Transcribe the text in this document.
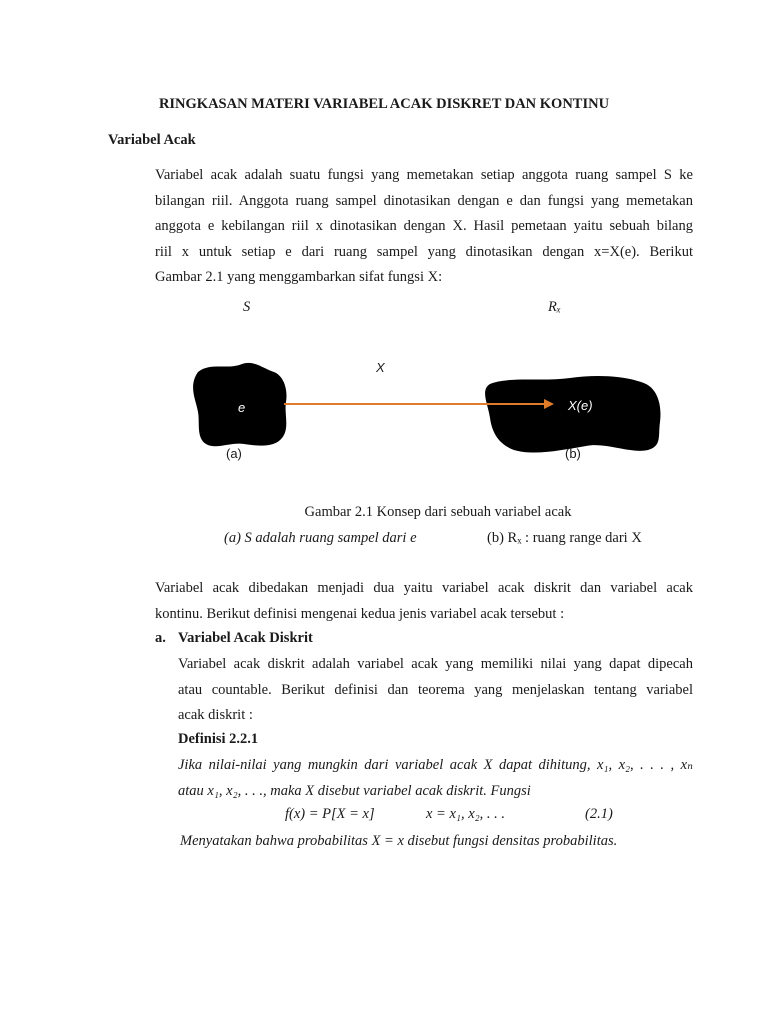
RINGKASAN MATERI VARIABEL ACAK DISKRET DAN KONTINU
Variabel Acak
Variabel acak adalah suatu fungsi yang memetakan setiap anggota ruang sampel S ke
bilangan riil. Anggota ruang sampel dinotasikan dengan e dan fungsi yang memetakan
anggota e kebilangan riil x dinotasikan dengan X. Hasil pemetaan yaitu sebuah bilang
riil x untuk setiap e dari ruang sampel yang dinotasikan dengan x=X(e). Berikut
Gambar 2.1 yang menggambarkan sifat fungsi X:
S	Rₓ
X
e	X(e)
(a)	(b)
Gambar 2.1 Konsep dari sebuah variabel acak
(a) S adalah ruang sampel dari e	(b) Rₓ : ruang range dari X
Variabel acak dibedakan menjadi dua yaitu variabel acak diskrit dan variabel acak
kontinu. Berikut definisi mengenai kedua jenis variabel acak tersebut :
a. Variabel Acak Diskrit
Variabel acak diskrit adalah variabel acak yang memiliki nilai yang dapat dipecah
atau countable. Berikut definisi dan teorema yang menjelaskan tentang variabel
acak diskrit :
Definisi 2.2.1
Jika nilai-nilai yang mungkin dari variabel acak X dapat dihitung, x₁, x₂, . . . , xₙ
atau x₁, x₂, . . ., maka X disebut variabel acak diskrit. Fungsi
f(x) = P[X = x]	x = x₁, x₂, . . .	(2.1)
Menyatakan bahwa probabilitas X = x disebut fungsi densitas probabilitas.
